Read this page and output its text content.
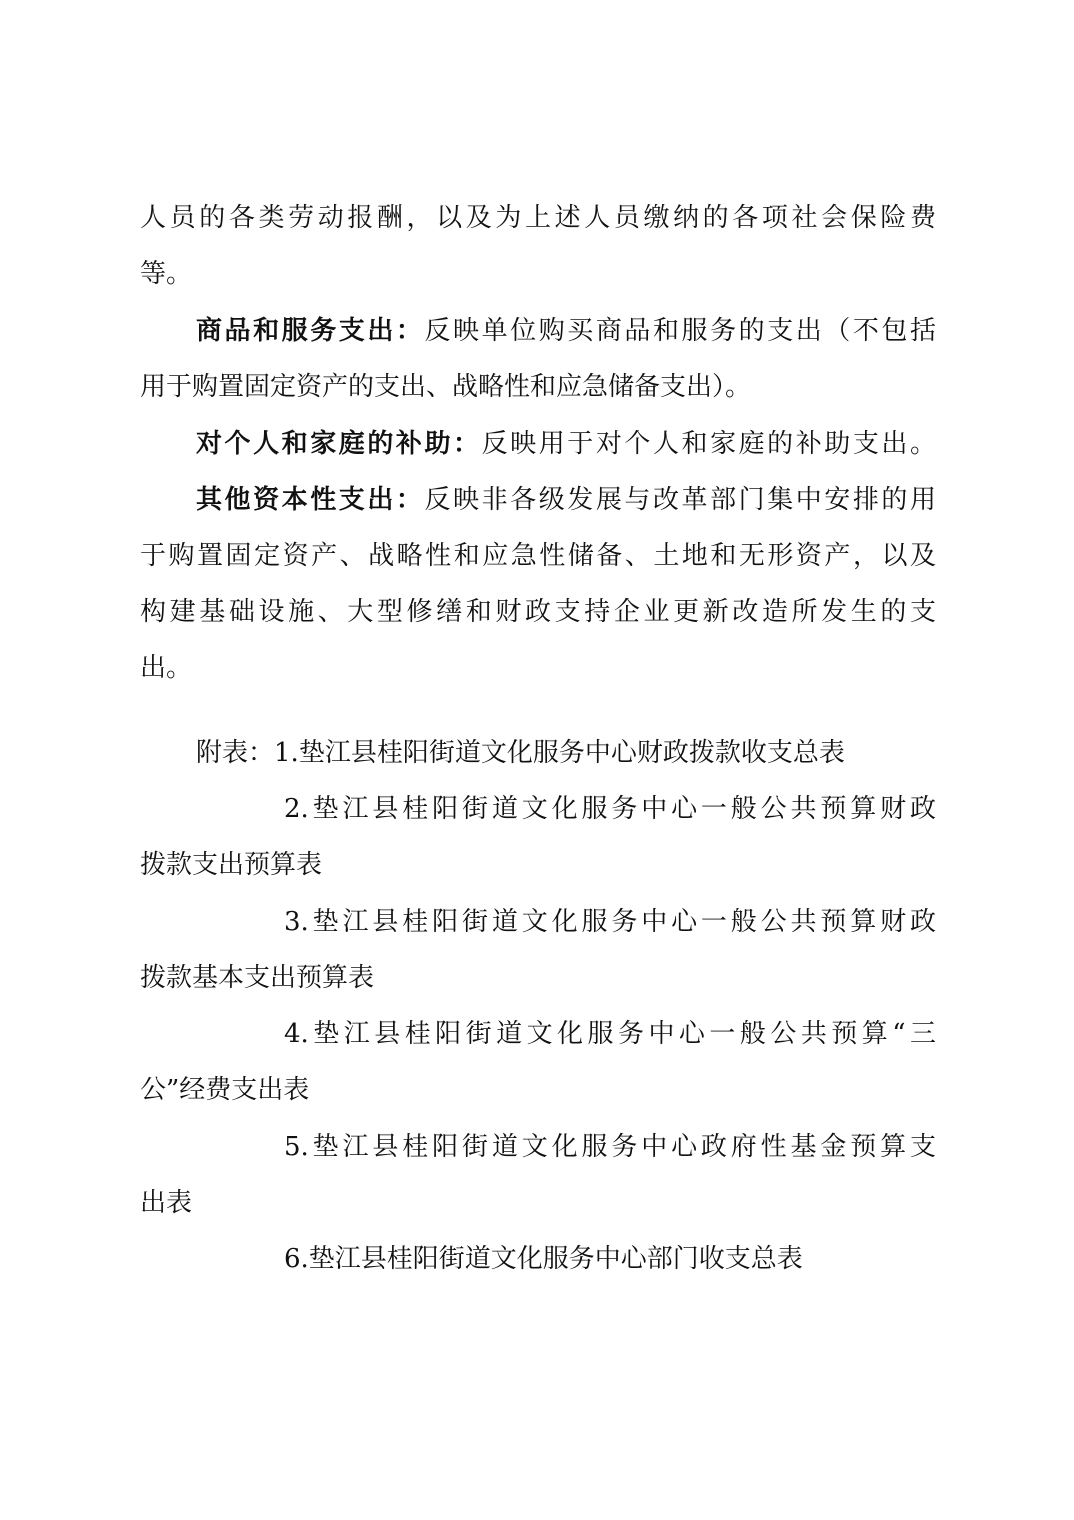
人员的各类劳动报酬，以及为上述人员缴纳的各项社会保险费
等。
商品和服务支出：反映单位购买商品和服务的支出（不包括
用于购置固定资产的支出、战略性和应急储备支出）。
对个人和家庭的补助：反映用于对个人和家庭的补助支出。
其他资本性支出：反映非各级发展与改革部门集中安排的用
于购置固定资产、战略性和应急性储备、土地和无形资产，以及
构建基础设施、大型修缮和财政支持企业更新改造所发生的支
出。
附表：1.垫江县桂阳街道文化服务中心财政拨款收支总表
2.垫江县桂阳街道文化服务中心一般公共预算财政
拨款支出预算表
3.垫江县桂阳街道文化服务中心一般公共预算财政
拨款基本支出预算表
4.垫江县桂阳街道文化服务中心一般公共预算“三
公”经费支出表
5.垫江县桂阳街道文化服务中心政府性基金预算支
出表
6.垫江县桂阳街道文化服务中心部门收支总表
